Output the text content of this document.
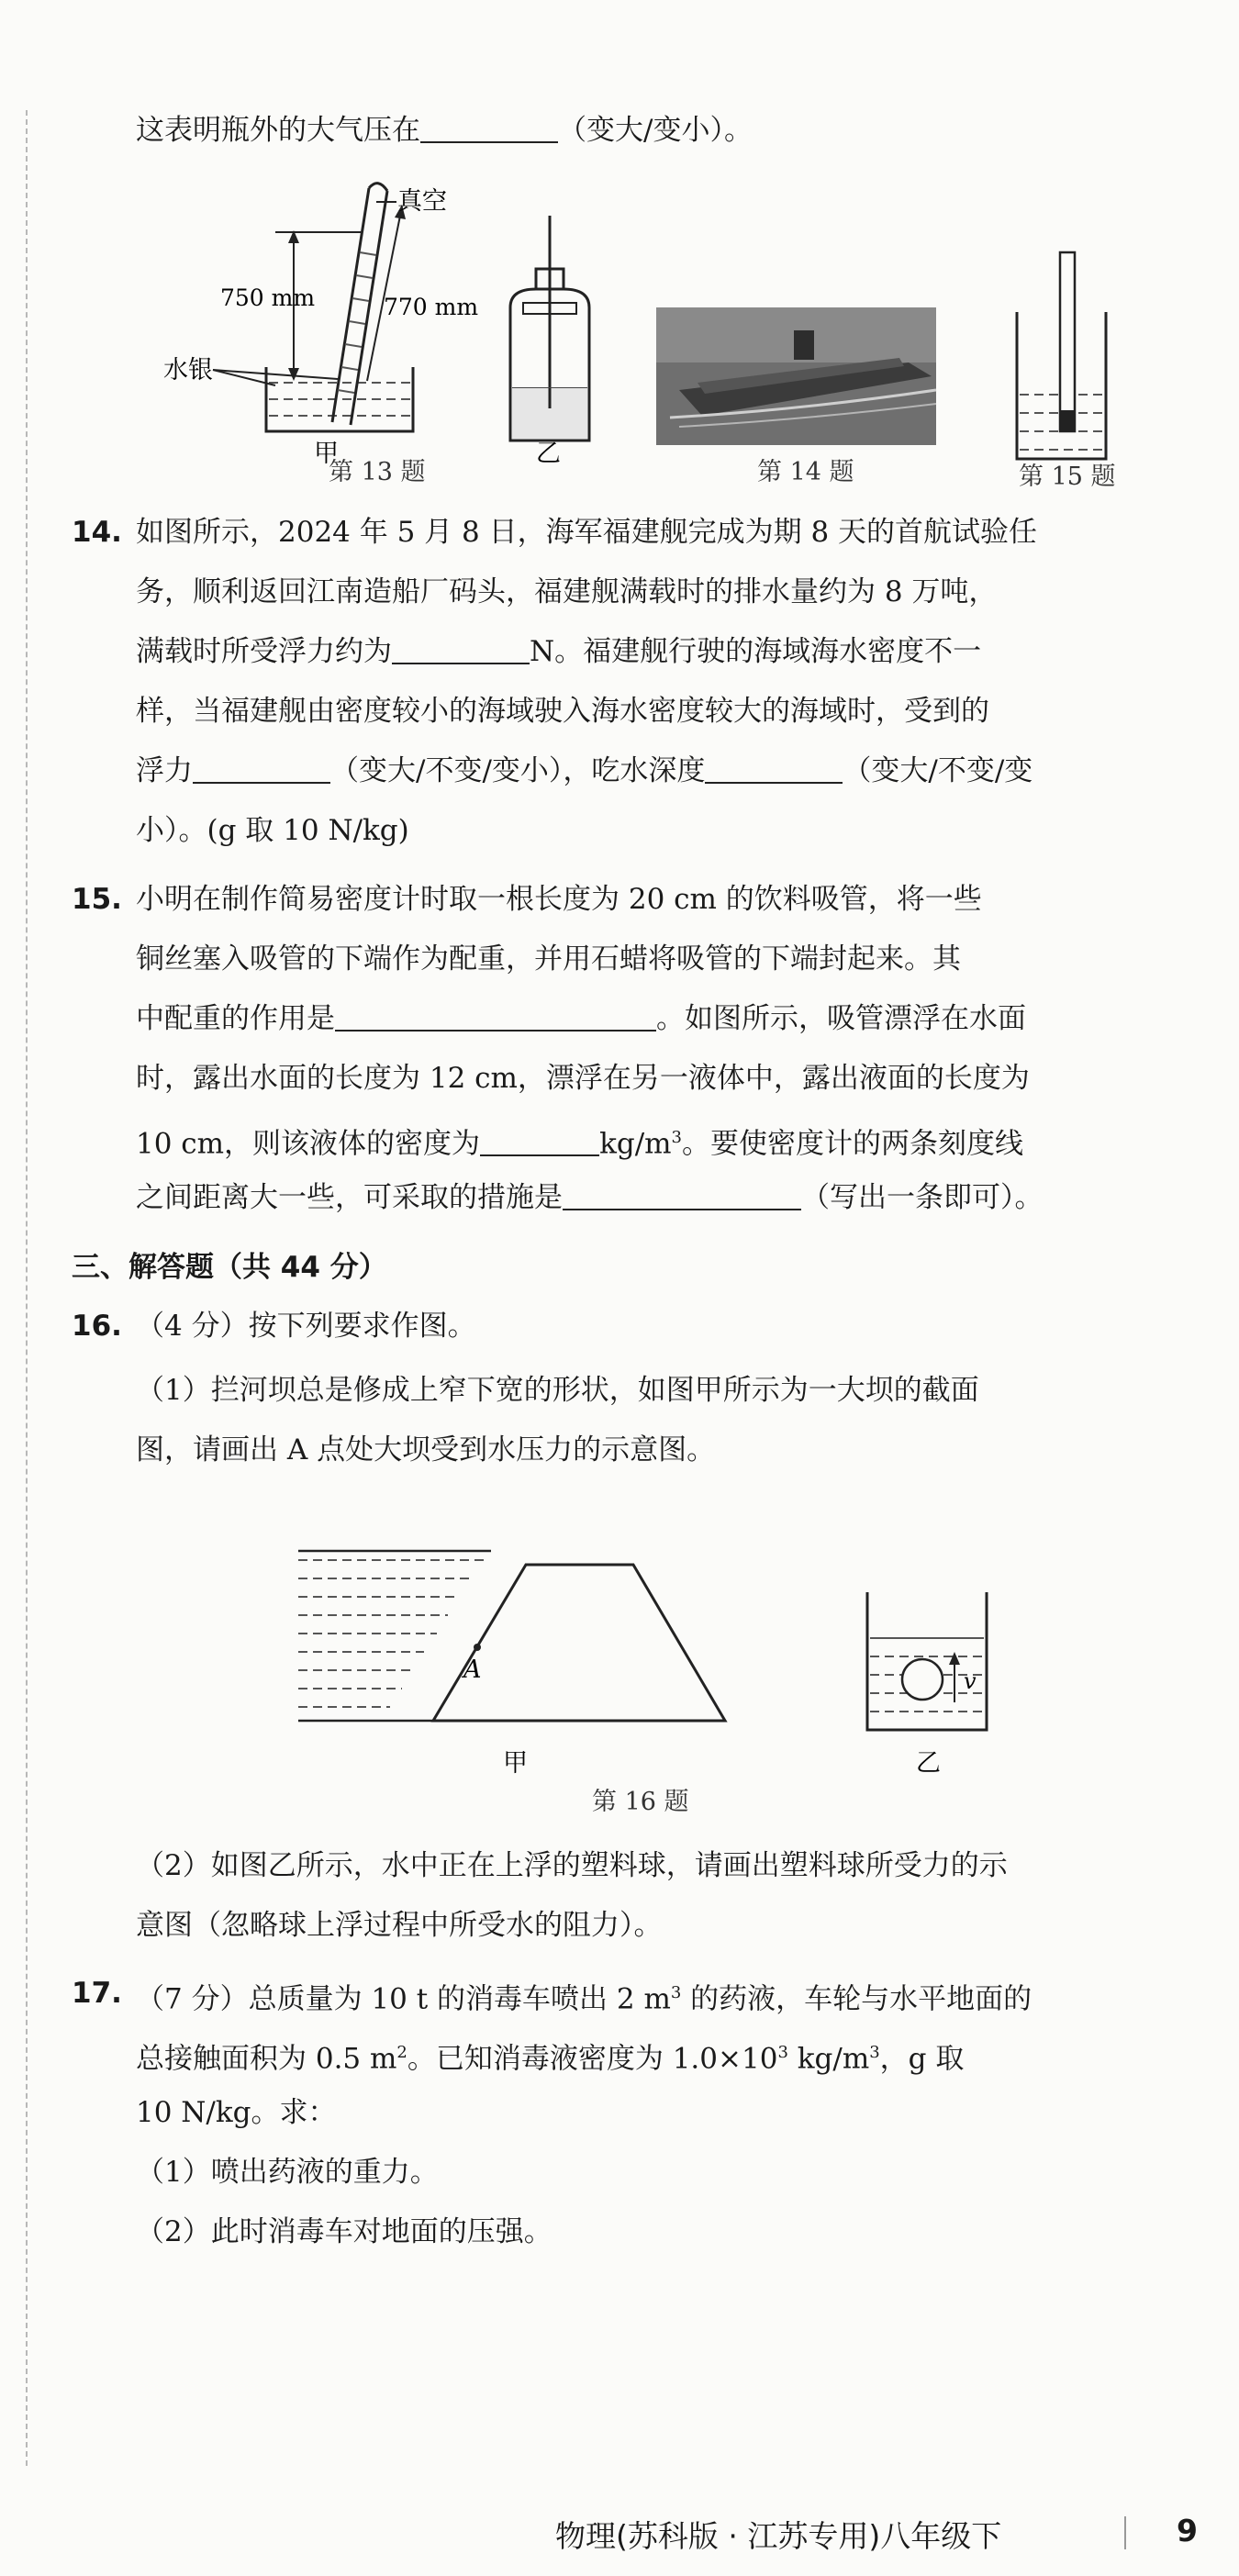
这表明瓶外的大气压在	（变大/变小）。
真空
750 mm	770 mm
水银
甲	乙
第 13 题	第 14 题	第 15 题
14. 如图所示，2024 年 5 月 8 日，海军福建舰完成为期 8 天的首航试验任
务，顺利返回江南造船厂码头，福建舰满载时的排水量约为 8 万吨，
满载时所受浮力约为	N。福建舰行驶的海域海水密度不一
样，当福建舰由密度较小的海域驶入海水密度较大的海域时，受到的
浮力	（变大/不变/变小），吃水深度	（变大/不变/变
小）。(g 取 10 N/kg)
15. 小明在制作简易密度计时取一根长度为 20 cm 的饮料吸管，将一些
铜丝塞入吸管的下端作为配重，并用石蜡将吸管的下端封起来。其
中配重的作用是	。如图所示，吸管漂浮在水面
时，露出水面的长度为 12 cm，漂浮在另一液体中，露出液面的长度为
10 cm，则该液体的密度为	$kg/m^3$。要使密度计的两条刻度线
之间距离大一些，可采取的措施是	（写出一条即可）。
三、解答题（共 44 分）
16. （4 分）按下列要求作图。
（1）拦河坝总是修成上窄下宽的形状，如图甲所示为一大坝的截面
图，请画出 A 点处大坝受到水压力的示意图。
A
甲
v
乙
第 16 题
（2）如图乙所示，水中正在上浮的塑料球，请画出塑料球所受力的示
意图（忽略球上浮过程中所受水的阻力）。
17. （7 分）总质量为 10 t 的消毒车喷出 2 $m^3$ 的药液，车轮与水平地面的
总接触面积为 0.5 $m^2$。已知消毒液密度为 $1.0\times 10^3$ $kg/m^3$，g 取
10 N/kg。求：
（1）喷出药液的重力。
（2）此时消毒车对地面的压强。
物理(苏科版 · 江苏专用)八年级下	9
